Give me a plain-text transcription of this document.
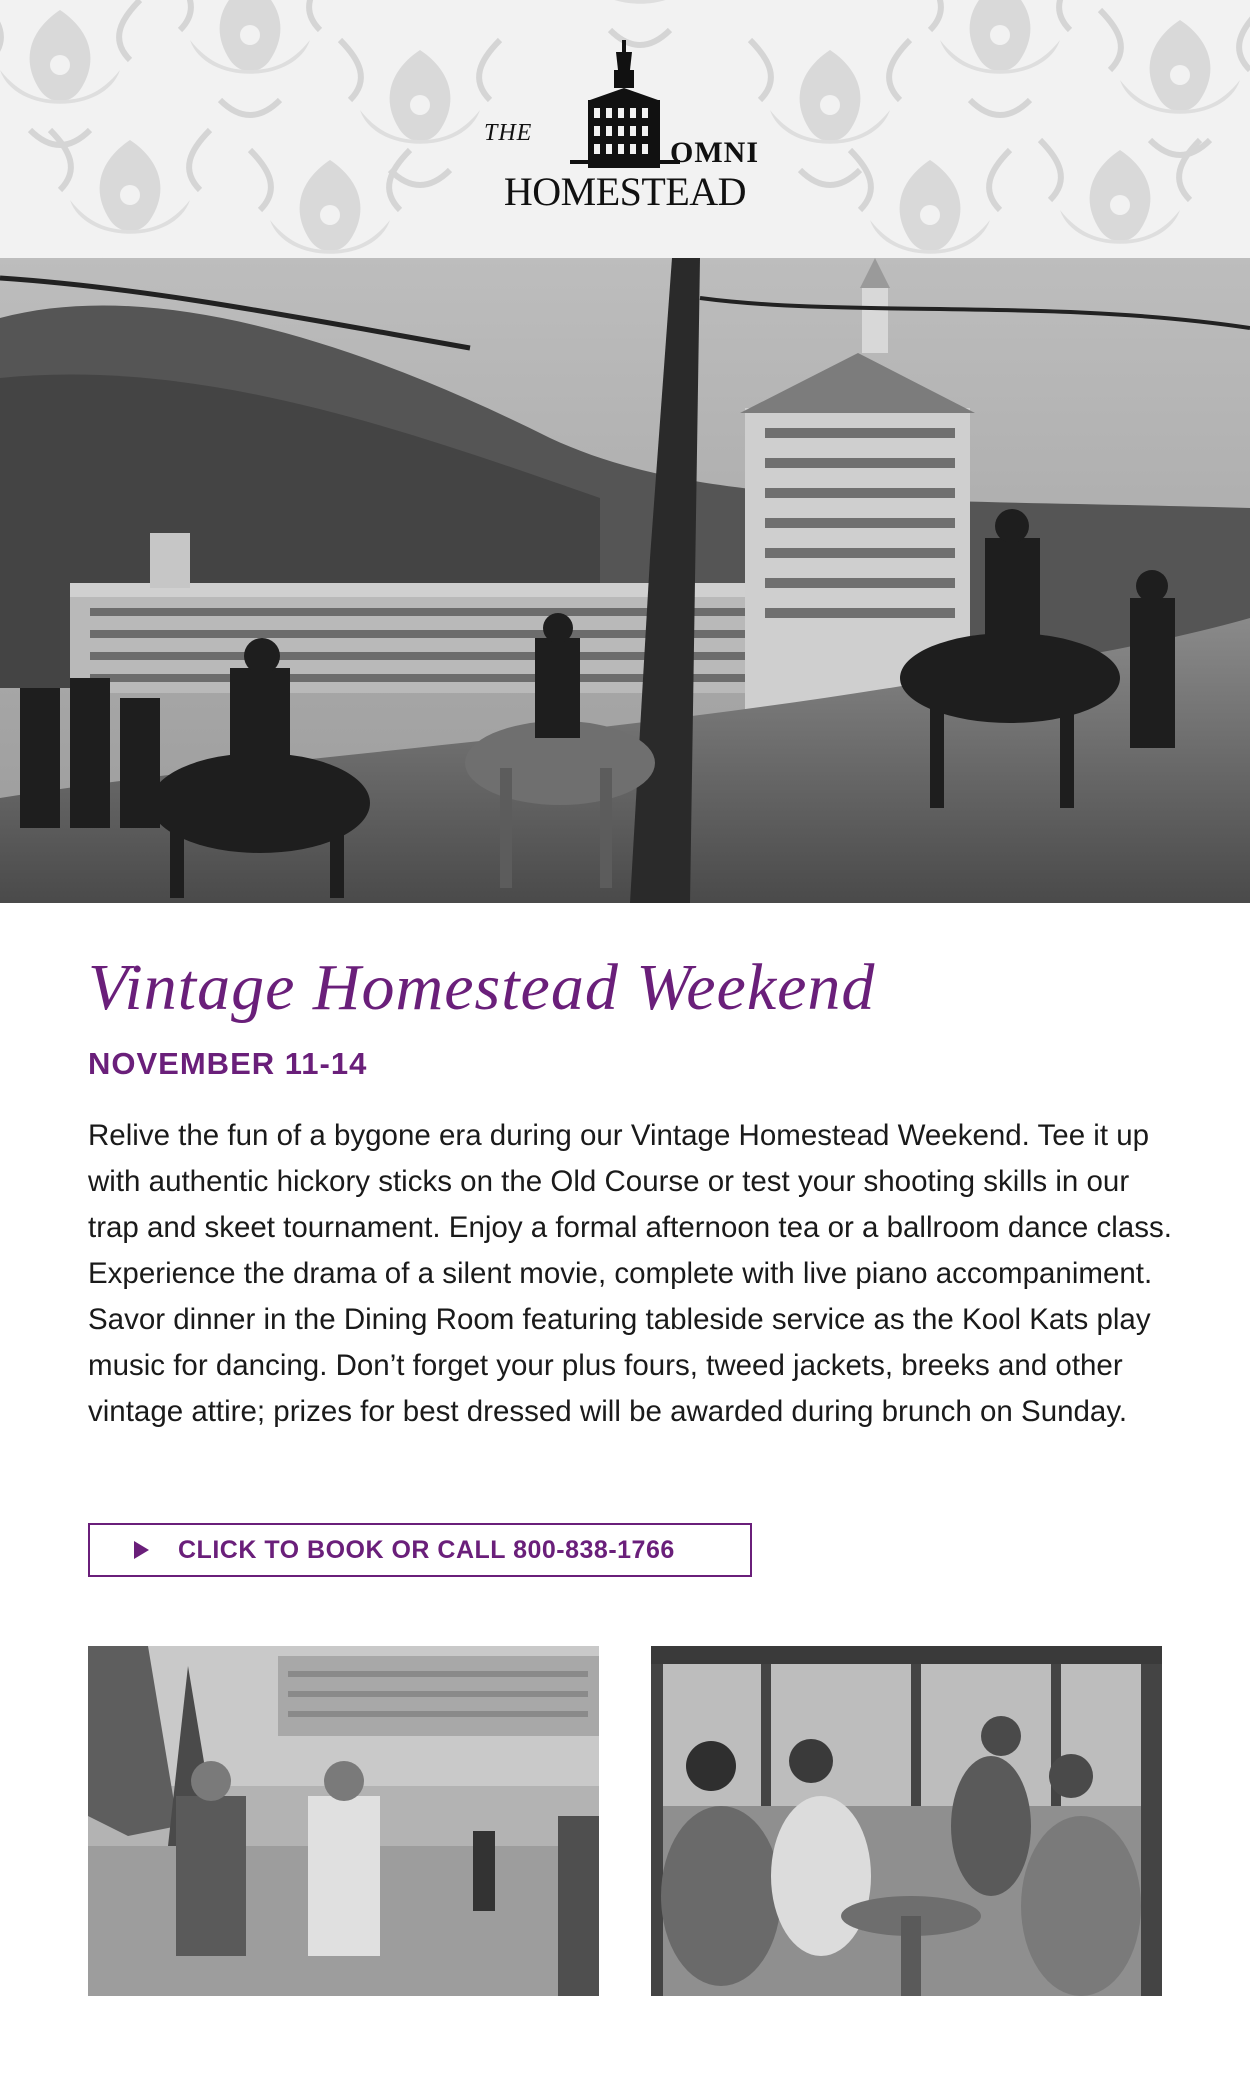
THE
OMNI
HOMESTEAD
Vintage Homestead Weekend
NOVEMBER 11-14

Relive the fun of a bygone era during our Vintage Homestead Weekend. Tee it up with authentic hickory sticks on the Old Course or test your shooting skills in our trap and skeet tournament. Enjoy a formal afternoon tea or a ballroom dance class. Experience the drama of a silent movie, complete with live piano accompaniment. Savor dinner in the Dining Room featuring tableside service as the Kool Kats play music for dancing. Don’t forget your plus fours, tweed jackets, breeks and other vintage attire; prizes for best dressed will be awarded during brunch on Sunday.

CLICK TO BOOK OR CALL 800-838-1766
